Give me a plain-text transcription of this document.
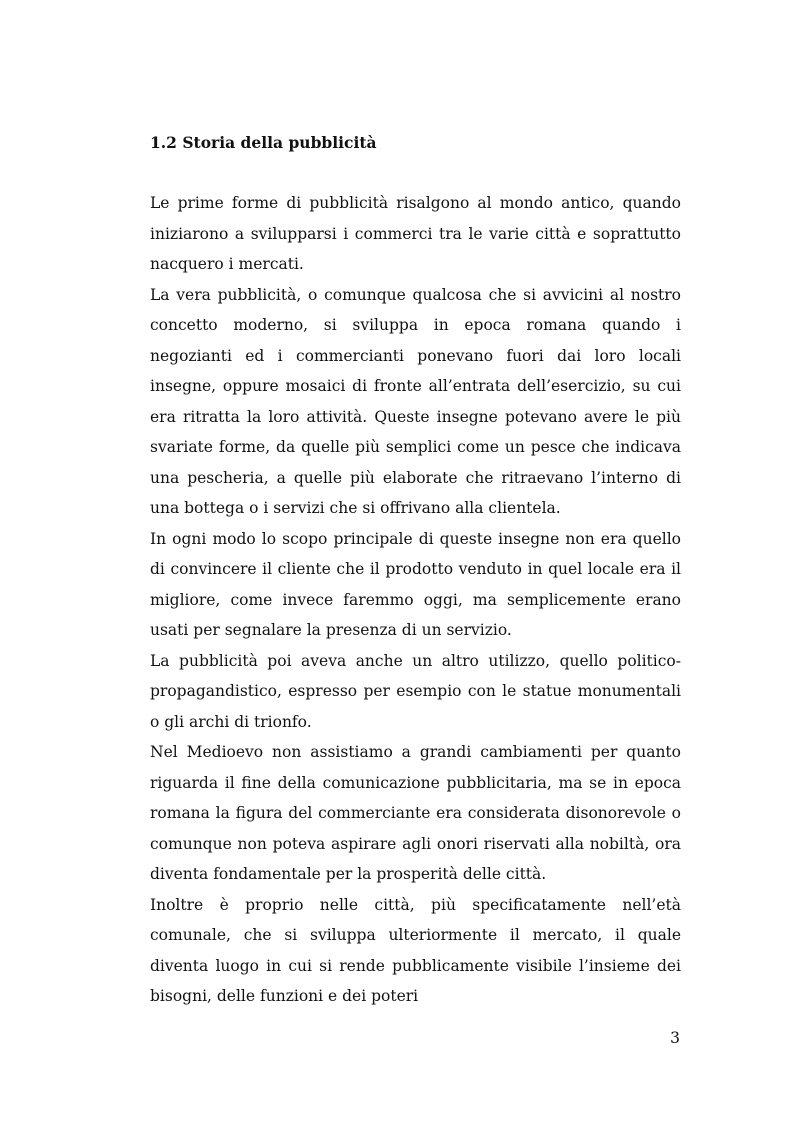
1.2 Storia della pubblicità

Le prime forme di pubblicità risalgono al mondo antico, quando iniziarono a svilupparsi i commerci tra le varie città e soprattutto nacquero i mercati.

La vera pubblicità, o comunque qualcosa che si avvicini al nostro concetto moderno, si sviluppa in epoca romana quando i negozianti ed i commercianti ponevano fuori dai loro locali insegne, oppure mosaici di fronte all’entrata dell’esercizio, su cui era ritratta la loro attività. Queste insegne potevano avere le più svariate forme, da quelle più semplici come un pesce che indicava una pescheria, a quelle più elaborate che ritraevano l’interno di una bottega o i servizi che si offrivano alla clientela.

In ogni modo lo scopo principale di queste insegne non era quello di convincere il cliente che il prodotto venduto in quel locale era il migliore, come invece faremmo oggi, ma semplicemente erano usati per segnalare la presenza di un servizio.

La pubblicità poi aveva anche un altro utilizzo, quello politico-propagandistico, espresso per esempio con le statue monumentali o gli archi di trionfo.

Nel Medioevo non assistiamo a grandi cambiamenti per quanto riguarda il fine della comunicazione pubblicitaria, ma se in epoca romana la figura del commerciante era considerata disonorevole o comunque non poteva aspirare agli onori riservati alla nobiltà, ora diventa fondamentale per la prosperità delle città.

Inoltre è proprio nelle città, più specificatamente nell’età comunale, che si sviluppa ulteriormente il mercato, il quale diventa luogo in cui si rende pubblicamente visibile l’insieme dei bisogni, delle funzioni e dei poteri

3
